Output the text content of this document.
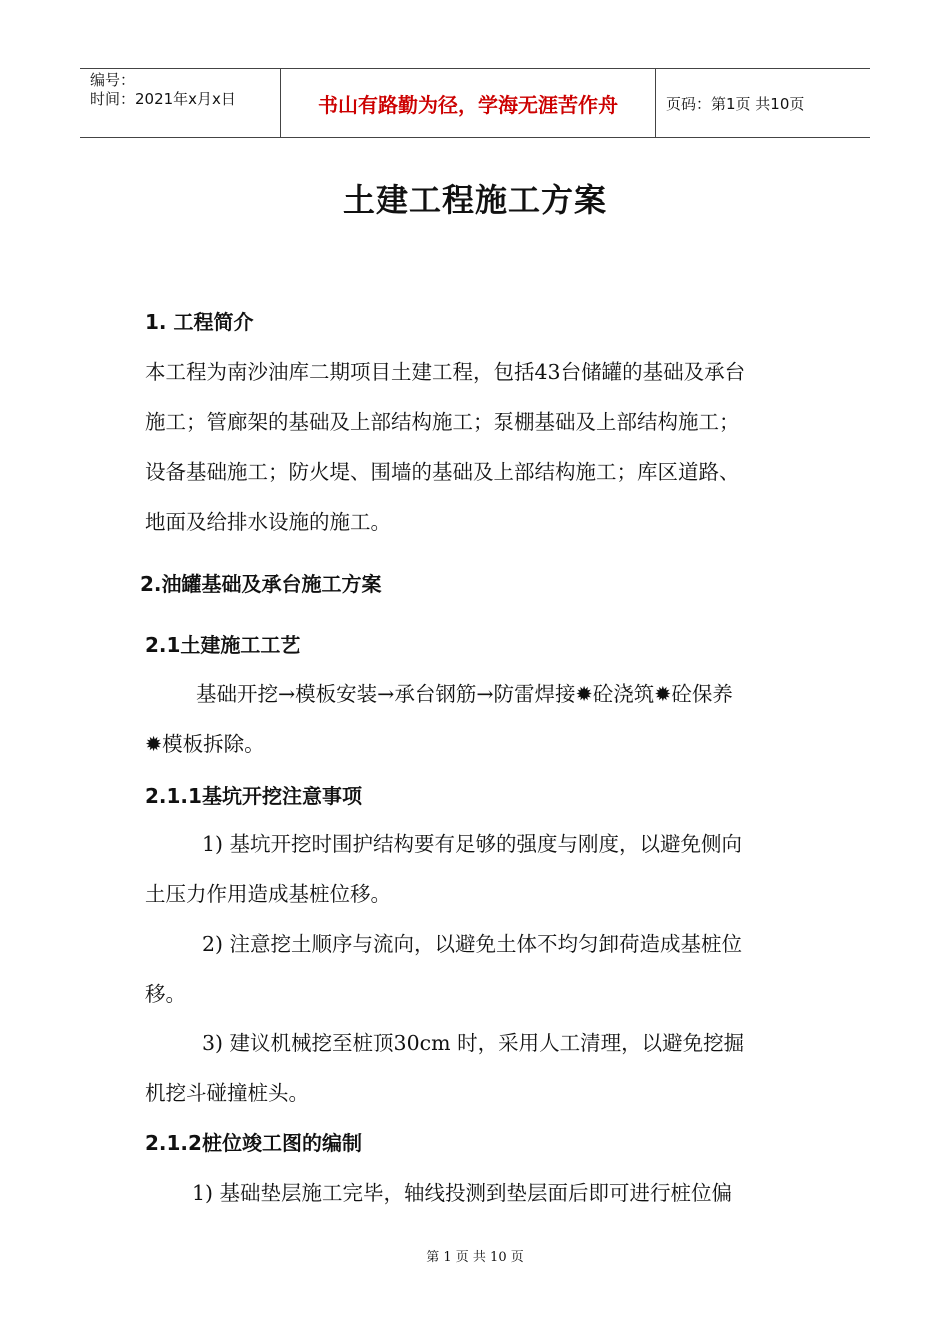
编号：
时间：2021年x月x日	书山有路勤为径，学海无涯苦作舟	页码：第1页 共10页
土建工程施工方案
1. 工程简介
本工程为南沙油库二期项目土建工程，包括43台储罐的基础及承台
施工；管廊架的基础及上部结构施工；泵棚基础及上部结构施工；
设备基础施工；防火堤、围墙的基础及上部结构施工；库区道路、
地面及给排水设施的施工。
2.油罐基础及承台施工方案
2.1土建施工工艺
基础开挖→模板安装→承台钢筋→防雷焊接✹砼浇筑✹砼保养
✹模板拆除。
2.1.1基坑开挖注意事项
1) 基坑开挖时围护结构要有足够的强度与刚度，以避免侧向
土压力作用造成基桩位移。
2) 注意挖土顺序与流向，以避免土体不均匀卸荷造成基桩位
移。
3) 建议机械挖至桩顶30cm 时，采用人工清理，以避免挖掘
机挖斗碰撞桩头。
2.1.2桩位竣工图的编制
1) 基础垫层施工完毕，轴线投测到垫层面后即可进行桩位偏
第 1 页 共 10 页
